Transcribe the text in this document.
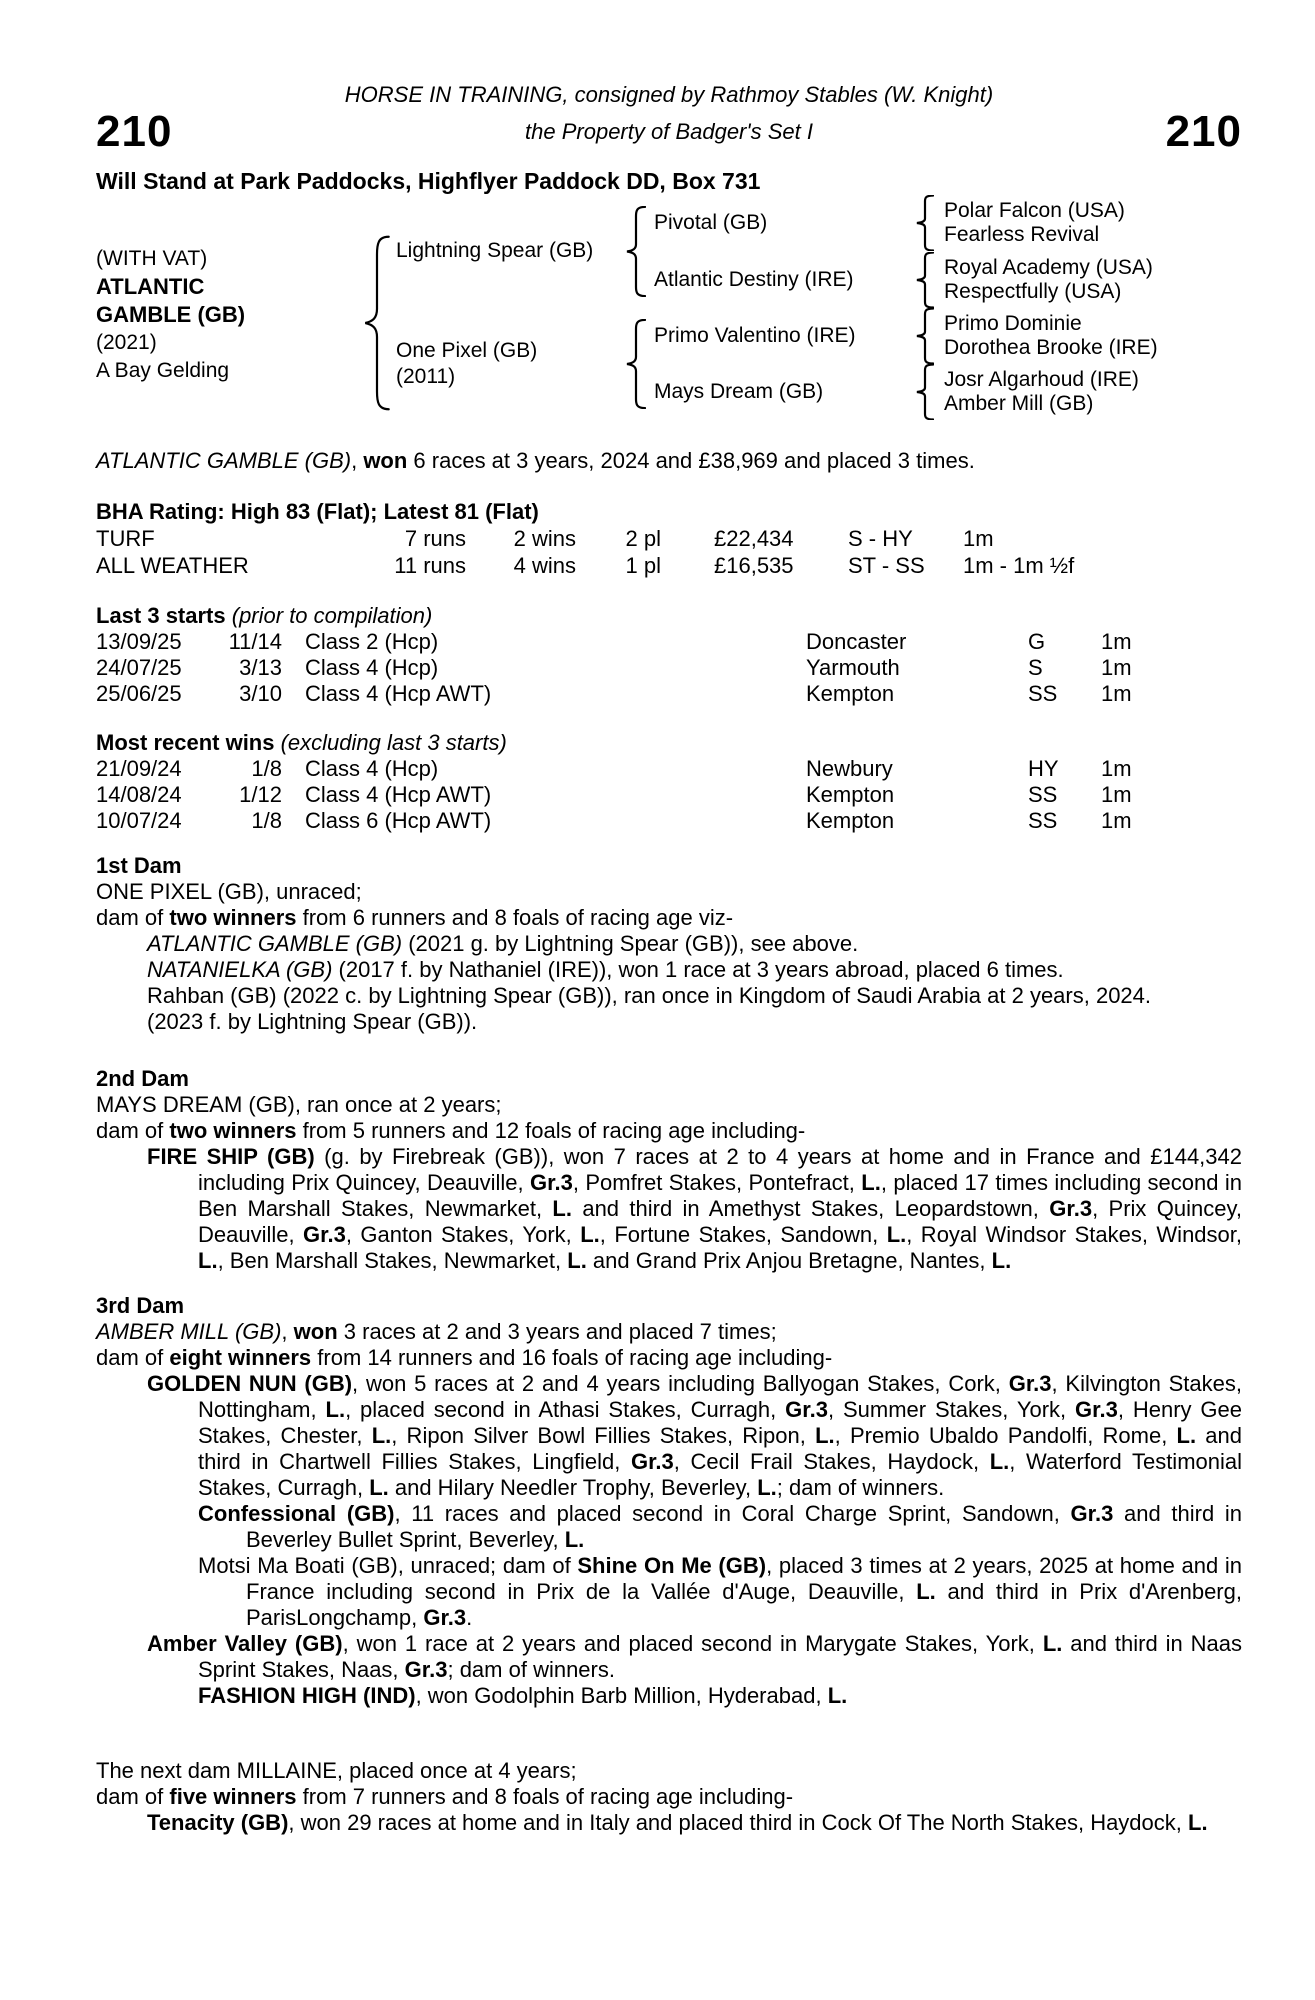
HORSE IN TRAINING, consigned by Rathmoy Stables (W. Knight)
210	the Property of Badger's Set I	210
Will Stand at Park Paddocks, Highflyer Paddock DD, Box 731
(WITH VAT)
ATLANTIC
GAMBLE (GB)
(2021)
A Bay Gelding
Lightning Spear (GB)
One Pixel (GB)
(2011)
Pivotal (GB)
Atlantic Destiny (IRE)
Primo Valentino (IRE)
Mays Dream (GB)
Polar Falcon (USA)
Fearless Revival
Royal Academy (USA)
Respectfully (USA)
Primo Dominie
Dorothea Brooke (IRE)
Josr Algarhoud (IRE)
Amber Mill (GB)
ATLANTIC GAMBLE (GB), won 6 races at 3 years, 2024 and £38,969 and placed 3 times.
BHA Rating: High 83 (Flat); Latest 81 (Flat)
TURF	7 runs	2 wins	2 pl	£22,434	S - HY	1m
ALL WEATHER	11 runs	4 wins	1 pl	£16,535	ST - SS	1m - 1m ½f
Last 3 starts (prior to compilation)
13/09/25	11/14	Class 2 (Hcp)	Doncaster	G	1m
24/07/25	3/13	Class 4 (Hcp)	Yarmouth	S	1m
25/06/25	3/10	Class 4 (Hcp AWT)	Kempton	SS	1m
Most recent wins (excluding last 3 starts)
21/09/24	1/8	Class 4 (Hcp)	Newbury	HY	1m
14/08/24	1/12	Class 4 (Hcp AWT)	Kempton	SS	1m
10/07/24	1/8	Class 6 (Hcp AWT)	Kempton	SS	1m
1st Dam
ONE PIXEL (GB), unraced;
dam of two winners from 6 runners and 8 foals of racing age viz-
ATLANTIC GAMBLE (GB) (2021 g. by Lightning Spear (GB)), see above.
NATANIELKA (GB) (2017 f. by Nathaniel (IRE)), won 1 race at 3 years abroad, placed 6 times.
Rahban (GB) (2022 c. by Lightning Spear (GB)), ran once in Kingdom of Saudi Arabia at 2 years, 2024.
(2023 f. by Lightning Spear (GB)).
2nd Dam
MAYS DREAM (GB), ran once at 2 years;
dam of two winners from 5 runners and 12 foals of racing age including-
FIRE SHIP (GB) (g. by Firebreak (GB)), won 7 races at 2 to 4 years at home and in France and £144,342 including Prix Quincey, Deauville, Gr.3, Pomfret Stakes, Pontefract, L., placed 17 times including second in Ben Marshall Stakes, Newmarket, L. and third in Amethyst Stakes, Leopardstown, Gr.3, Prix Quincey, Deauville, Gr.3, Ganton Stakes, York, L., Fortune Stakes, Sandown, L., Royal Windsor Stakes, Windsor, L., Ben Marshall Stakes, Newmarket, L. and Grand Prix Anjou Bretagne, Nantes, L.
3rd Dam
AMBER MILL (GB), won 3 races at 2 and 3 years and placed 7 times;
dam of eight winners from 14 runners and 16 foals of racing age including-
GOLDEN NUN (GB), won 5 races at 2 and 4 years including Ballyogan Stakes, Cork, Gr.3, Kilvington Stakes, Nottingham, L., placed second in Athasi Stakes, Curragh, Gr.3, Summer Stakes, York, Gr.3, Henry Gee Stakes, Chester, L., Ripon Silver Bowl Fillies Stakes, Ripon, L., Premio Ubaldo Pandolfi, Rome, L. and third in Chartwell Fillies Stakes, Lingfield, Gr.3, Cecil Frail Stakes, Haydock, L., Waterford Testimonial Stakes, Curragh, L. and Hilary Needler Trophy, Beverley, L.; dam of winners.
Confessional (GB), 11 races and placed second in Coral Charge Sprint, Sandown, Gr.3 and third in Beverley Bullet Sprint, Beverley, L.
Motsi Ma Boati (GB), unraced; dam of Shine On Me (GB), placed 3 times at 2 years, 2025 at home and in France including second in Prix de la Vallée d'Auge, Deauville, L. and third in Prix d'Arenberg, ParisLongchamp, Gr.3.
Amber Valley (GB), won 1 race at 2 years and placed second in Marygate Stakes, York, L. and third in Naas Sprint Stakes, Naas, Gr.3; dam of winners.
FASHION HIGH (IND), won Godolphin Barb Million, Hyderabad, L.
The next dam MILLAINE, placed once at 4 years;
dam of five winners from 7 runners and 8 foals of racing age including-
Tenacity (GB), won 29 races at home and in Italy and placed third in Cock Of The North Stakes, Haydock, L.
